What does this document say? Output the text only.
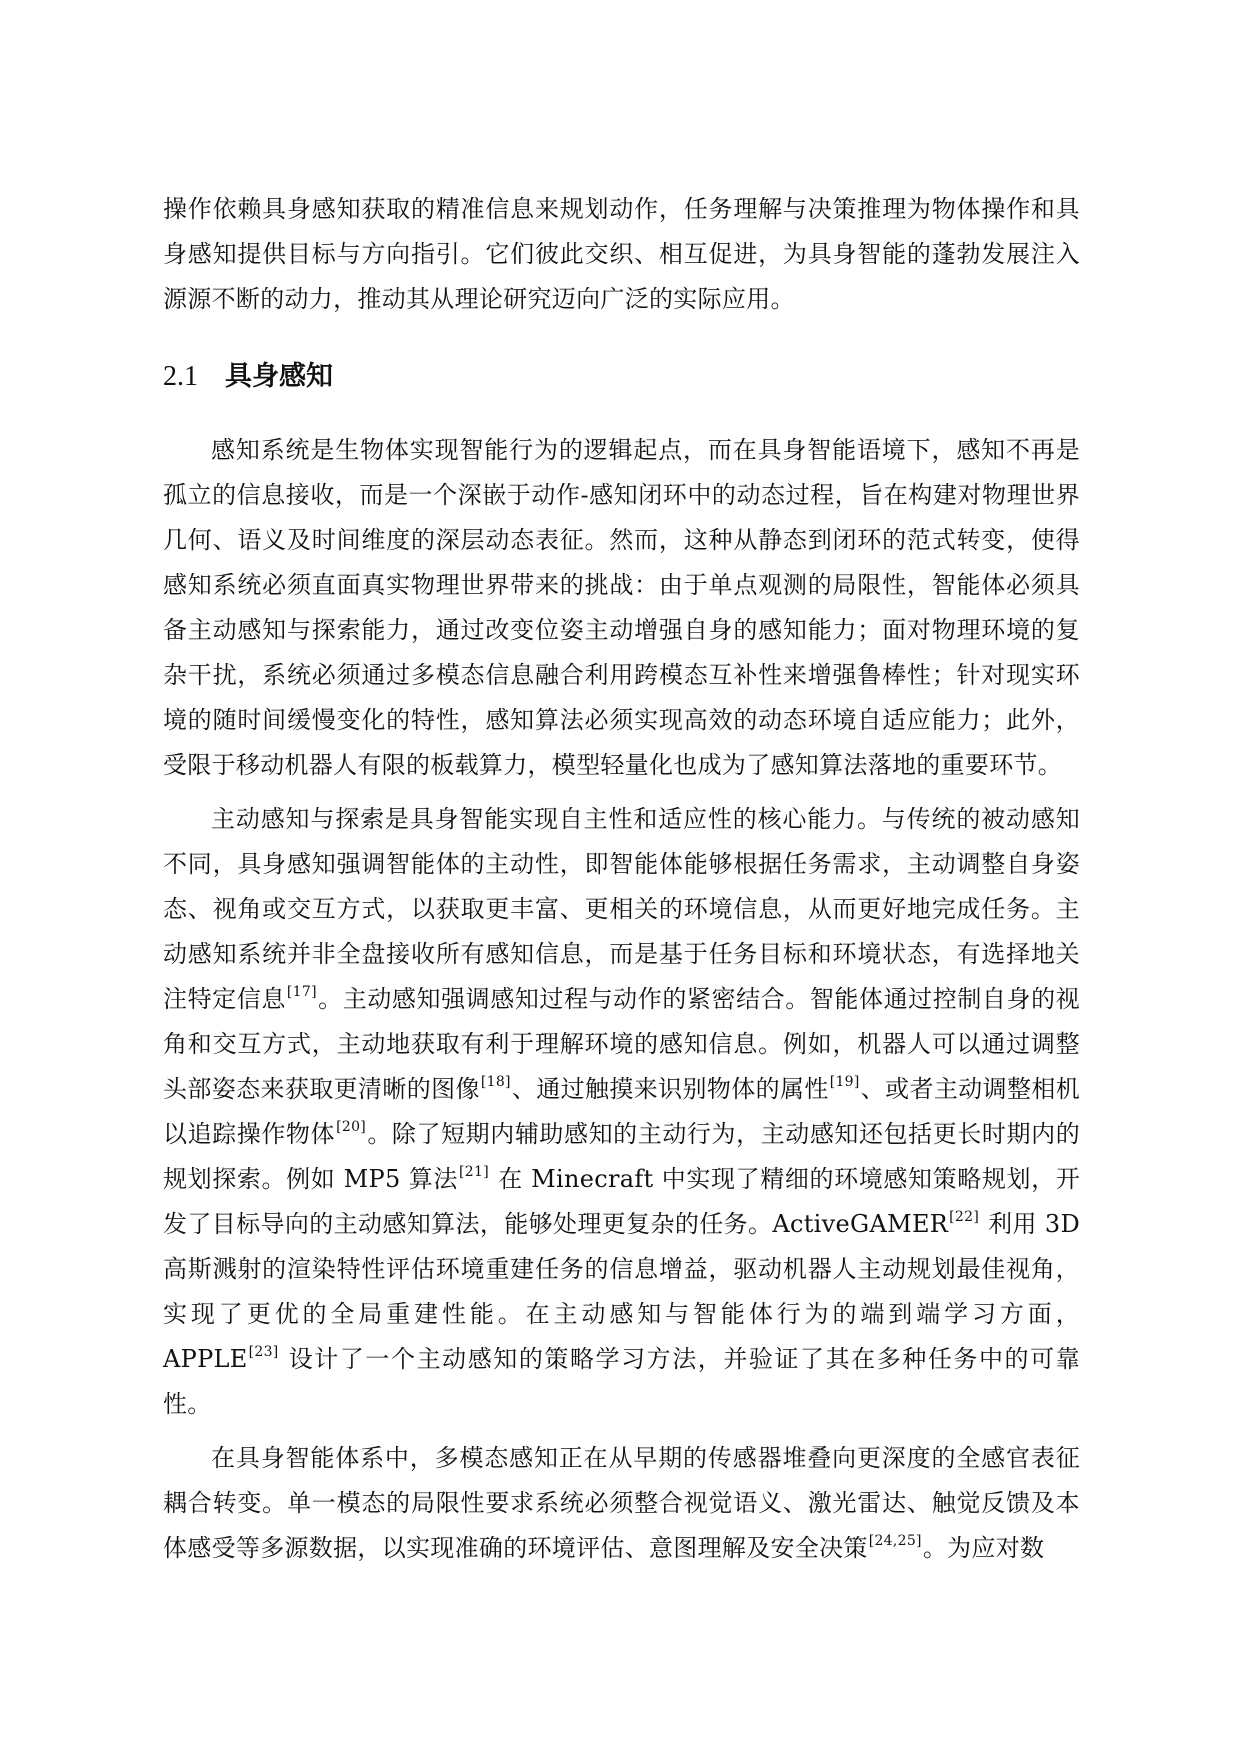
操作依赖具身感知获取的精准信息来规划动作，任务理解与决策推理为物体操作和具身感知提供目标与方向指引。它们彼此交织、相互促进，为具身智能的蓬勃发展注入源源不断的动力，推动其从理论研究迈向广泛的实际应用。

2.1	具身感知

感知系统是生物体实现智能行为的逻辑起点，而在具身智能语境下，感知不再是孤立的信息接收，而是一个深嵌于动作-感知闭环中的动态过程，旨在构建对物理世界几何、语义及时间维度的深层动态表征。然而，这种从静态到闭环的范式转变，使得感知系统必须直面真实物理世界带来的挑战：由于单点观测的局限性，智能体必须具备主动感知与探索能力，通过改变位姿主动增强自身的感知能力；面对物理环境的复杂干扰，系统必须通过多模态信息融合利用跨模态互补性来增强鲁棒性；针对现实环境的随时间缓慢变化的特性，感知算法必须实现高效的动态环境自适应能力；此外，受限于移动机器人有限的板载算力，模型轻量化也成为了感知算法落地的重要环节。

主动感知与探索是具身智能实现自主性和适应性的核心能力。与传统的被动感知不同，具身感知强调智能体的主动性，即智能体能够根据任务需求，主动调整自身姿态、视角或交互方式，以获取更丰富、更相关的环境信息，从而更好地完成任务。主动感知系统并非全盘接收所有感知信息，而是基于任务目标和环境状态，有选择地关注特定信息[17]。主动感知强调感知过程与动作的紧密结合。智能体通过控制自身的视角和交互方式，主动地获取有利于理解环境的感知信息。例如，机器人可以通过调整头部姿态来获取更清晰的图像[18]、通过触摸来识别物体的属性[19]、或者主动调整相机以追踪操作物体[20]。除了短期内辅助感知的主动行为，主动感知还包括更长时期内的规划探索。例如 MP5 算法[21] 在 Minecraft 中实现了精细的环境感知策略规划，开发了目标导向的主动感知算法，能够处理更复杂的任务。ActiveGAMER[22] 利用 3D 高斯溅射的渲染特性评估环境重建任务的信息增益，驱动机器人主动规划最佳视角，实现了更优的全局重建性能。在主动感知与智能体行为的端到端学习方面，APPLE[23] 设计了一个主动感知的策略学习方法，并验证了其在多种任务中的可靠性。

在具身智能体系中，多模态感知正在从早期的传感器堆叠向更深度的全感官表征耦合转变。单一模态的局限性要求系统必须整合视觉语义、激光雷达、触觉反馈及本体感受等多源数据，以实现准确的环境评估、意图理解及安全决策[24,25]。为应对数
